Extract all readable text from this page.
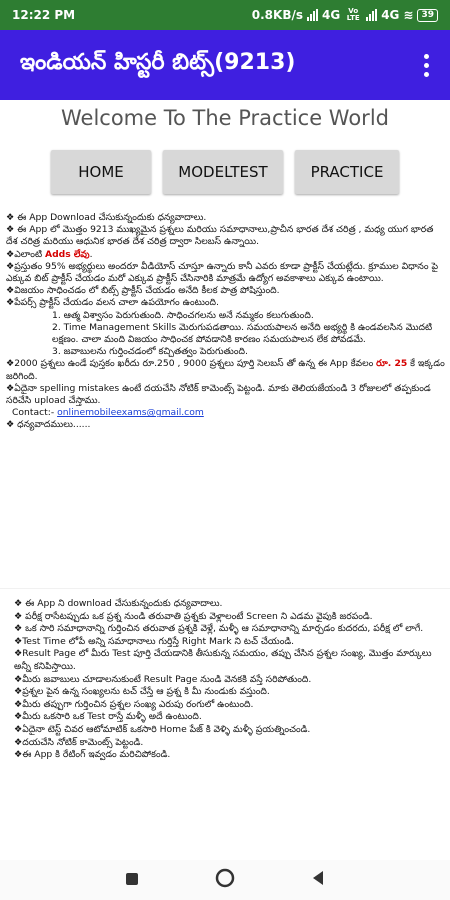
12:22 PM	0.8KB/s 4G	Vo LTE 4G ≋ 39
ఇండియన్ హిస్టరీ బిట్స్(9213)
Welcome To The Practice World
HOME	MODELTEST	PRACTICE

❖ ఈ App Download చేసుకున్నందుకు ధన్యవాదాలు.

❖ ఈ App లో మొత్తం 9213 ముఖ్యమైన ప్రశ్నలు మరియు సమాధానాలు,ప్రాచీన భారత దేశ చరిత్ర , మధ్య యుగ భారత దేశ చరిత్ర మరియు ఆధునిక భారత దేశ చరిత్ర ద్వారా సిలబస్ ఉన్నాయి.

❖ఎలాంటి Adds లేవు.

❖ప్రస్తుతం 95% అభ్యర్థులు అందరూ వీడియోస్ చూస్తూ ఉన్నారు కానీ ఎవరు కూడా ప్రాక్టీస్ చేయట్లేదు. క్రూముల విధానం పై ఎక్కువ బిట్ ప్రాక్టీస్ చేయడం మరో ఎక్కువ ప్రాక్టీస్ చేసినారికి మాత్రమే ఉద్యోగ అవకాశాలు ఎక్కువ ఉంటాయి.

❖విజయం సాధించడం లో బిట్స్ ప్రాక్టీస్ చేయడం అనేది కీలక పాత్ర పోషిస్తుంది.

❖పేపర్స్ ప్రాక్టీస్ చేయడం వలన చాలా ఉపయోగం ఉంటుంది.

1. ఆత్మ విశ్వాసం పెరుగుతుంది. సాధించగలను అనే నమ్మకం కలుగుతుంది.

2. Time Management Skills మెరుగుపడతాయి. సమయపాలన అనేది అభ్యర్థి కి ఉండవలసిన మొదటి లక్షణం. చాలా మంది విజయం సాధించక పోవడానికి కారణం సమయపాలన లేక పోవడమే.

3. జవాబులను గుర్తించడంలో కచ్చితత్వం పెరుగుతుంది.

❖2000 ప్రశ్నలు ఉండే పుస్తకం ఖరీదు రూ.250 , 9000 ప్రశ్నలు పూర్తి సెలబస్ తో ఉన్న ఈ App కేవలం రూ. 25 కే ఇక్కడం జరిగింది.

❖ఏదైనా spelling mistakes ఉంటే దయచేసి నోటిక్ కామెంట్స్ పెట్టండి. మాకు తెలియజేయండి 3 రోజులలో తప్పకుండ సరిచేసి upload చేస్తాము.

Contact:- onlinemobileexams@gmail.com

❖ ధన్యవాదములు......

❖ ఈ App ని download చేసుకున్నందుకు ధన్యవాదాలు.

❖ పరీక్ష రాసేటప్పుడు ఒక ప్రశ్న నుండి తరువాతి ప్రశ్నకు వెళ్లాలంటే Screen ని ఎడమ వైపుకి జరపండి.

❖ ఒక సారి సమాధానాన్ని గుర్తించిన తరువాత ప్రశ్నకి వెళ్లే, మళ్ళీ ఆ సమాధానాన్ని మార్చడం కుదరదు, పరీక్ష లో లాగే.

❖Test Time లోపే అన్ని సమాధానాలు గుర్తిస్తే Right Mark ని టచ్ చేయండి.

❖Result Page లో మీరు Test పూర్తి చేయడానికి తీసుకున్న సమయం, తప్పు చేసిన ప్రశ్నల సంఖ్య, మొత్తం మార్కులు అన్నీ కనిపిస్తాయి.

❖మీరు జవాబులు చూడాలనుకుంటే Result Page నుండి వెనకకి వస్తే సరిపోతుంది.

❖ప్రశ్నల పైన ఉన్న సంఖ్యలను టచ్ చేస్తే ఆ ప్రశ్న కి మీ నుండుకు వస్తుంది.

❖మీరు తప్పుగా గుర్తించిన ప్రశ్నల సంఖ్య ఎరుపు రంగులో ఉంటుంది.

❖మీరు ఒకసారి ఒక Test రాస్తే మళ్ళీ అదే ఉంటుంది.

❖ఏదైనా టెస్ట్ చివర ఆటోమాటిక్ ఒకసారి Home పేజ్ కి వెళ్ళి మళ్ళీ ప్రయత్నించండి.

❖దయచేసి నోటిక్ కామెంట్స్ పెట్టండి.

❖ఈ App కి రేటింగ్ ఇవ్వడం మరిచిపోకండి.
